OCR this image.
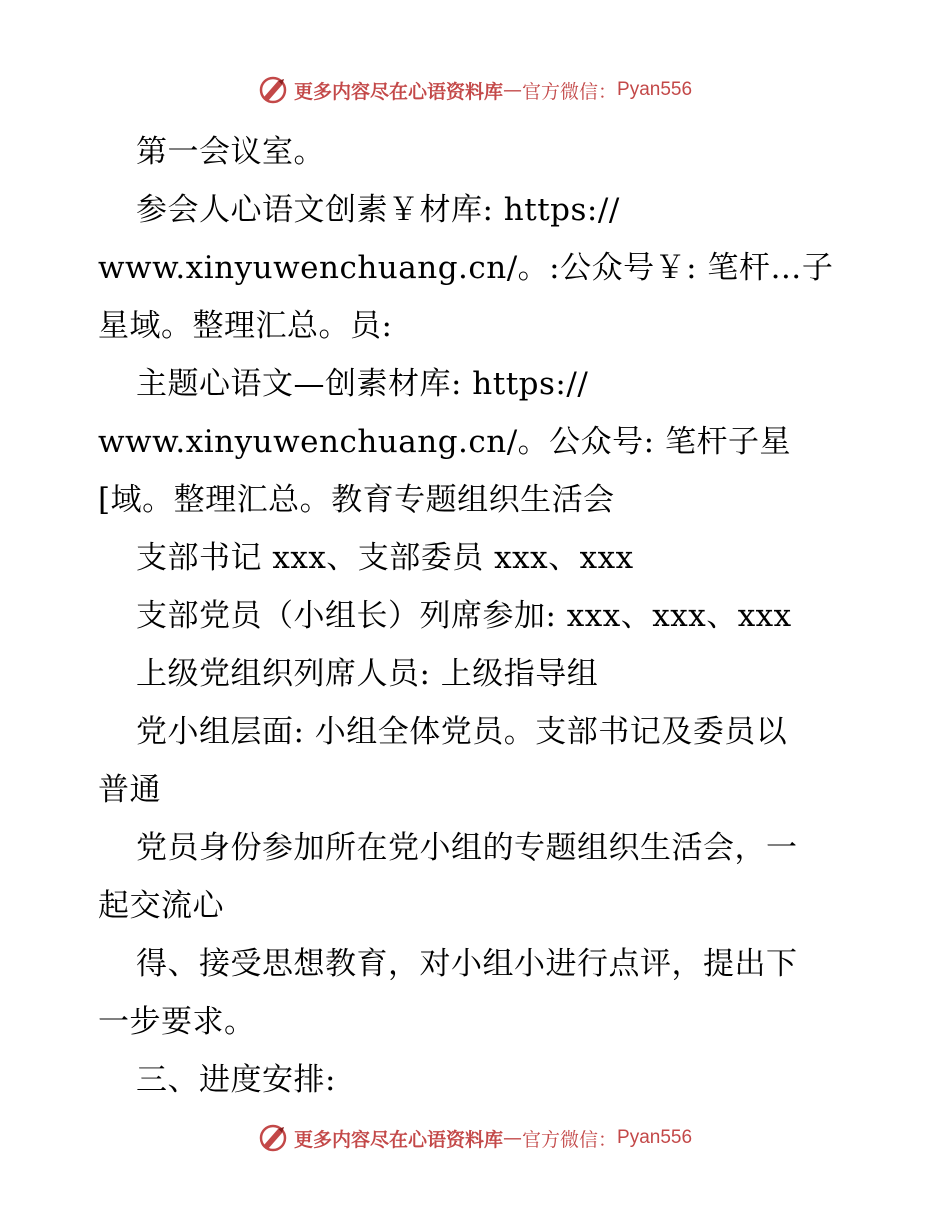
更多内容尽在心语资料库 — 官方微信 ： Pyan556
第一会议室。
参会人心语文创素￥材库: https://
www.xinyuwenchuang.cn/。:公众号￥: 笔杆…子
星域。整理汇总。员:
主题心语文—创素材库: https://
www.xinyuwenchuang.cn/。公众号: 笔杆子星
[域。整理汇总。教育专题组织生活会
支部书记 xxx、支部委员 xxx、xxx
支部党员（小组长）列席参加: xxx、xxx、xxx
上级党组织列席人员: 上级指导组
党小组层面: 小组全体党员。支部书记及委员以
普通
党员身份参加所在党小组的专题组织生活会，一
起交流心
得、接受思想教育，对小组小进行点评，提出下
一步要求。
三、进度安排:
更多内容尽在心语资料库 — 官方微信 ： Pyan556
